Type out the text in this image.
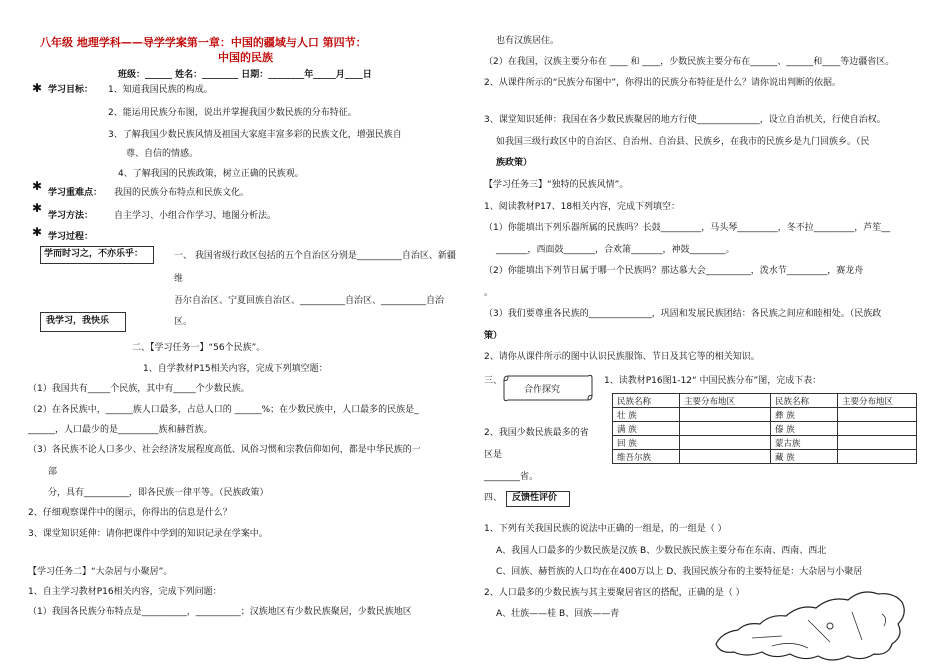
八年级 地理学科——导学学案第一章：中国的疆域与人口 第四节：
中国的民族
班级：______ 姓名：________ 日期：________年_____月____日
✱ 学习目标： 1、知道我国民族的构成。
2、能运用民族分布图，说出并掌握我国少数民族的分布特征。
3、了解我国少数民族风情及祖国大家庭丰富多彩的民族文化，增强民族自
尊、自信的情感。
4、了解我国的民族政策，树立正确的民族观。
✱ 学习重难点： 我国的民族分布特点和民族文化。
✱
学习方法： 自主学习、小组合作学习、地图分析法。
✱ 学习过程：
学而时习之，不亦乐乎：	一、 我国省级行政区包括的五个自治区分别是__________自治区、新疆
维
吾尔自治区、宁夏回族自治区、__________自治区、__________自治
区。
我学习，我快乐
二、【学习任务一】“56个民族”。
1、自学教材P15相关内容，完成下列填空题：
（1）我国共有_____个民族，其中有_____个少数民族。
（2）在各民族中，______族人口最多，占总人口的 ______%；在少数民族中，人口最多的民族是_
______，人口最少的是_________族和赫哲族。
（3）各民族不论人口多少、社会经济发展程度高低、风俗习惯和宗教信仰如何，都是中华民族的一
部
分，具有__________，即各民族一律平等。（民族政策）
2、仔细观察课件中的图示，你得出的信息是什么？
3、课堂知识延伸：请你把课件中学到的知识记录在学案中。
【学习任务二】“大杂居与小聚居”。
1、自主学习教材P16相关内容，完成下列问题：
（1）我国各民族分布特点是__________，__________；汉族地区有少数民族聚居，少数民族地区
也有汉族居住。
（2）在我国，汉族主要分布在 ____ 和 ____，少数民族主要分布在______、______和____等边疆省区。
2、从课件所示的“民族分布图中”，你得出的民族分布特征是什么？请你说出判断的依据。
3、课堂知识延伸：我国在各少数民族聚居的地方行使______________，设立自治机关，行使自治权。
如我国三级行政区中的自治区、自治州、自治县、民族乡，在我市的民族乡是九门回族乡。（民
族政策）
【学习任务三】“独特的民族风情”。
1、阅读教材P17、18相关内容，完成下列填空：
（1）你能填出下列乐器所属的民族吗？长鼓_________，马头琴_________，冬不拉_________，芦笙__
_______，西面鼓_______，合欢箫_______，神鼓________。
（2）你能填出下列节日属于哪一个民族吗？那达慕大会__________，泼水节_________，赛龙舟
。
（3）我们要尊重各民族的______________，巩固和发展民族团结：各民族之间应和睦相处。（民族政
策）
2、请你从课件所示的图中认识民族服饰、节日及其它等的相关知识。
三、
合作探究
1、读教材P16图1-12“ 中国民族分布”图，完成下表：
2、我国少数民族最多的省
区是
________省。
民族名称	主要分布地区	民族名称	主要分布地区
壮 族		彝 族	
满 族		傣 族	
回 族		蒙古族	
维吾尔族		藏 族	
四、 反馈性评价
1、下列有关我国民族的说法中正确的一组是，的一组是（ ）
A、我国人口最多的少数民族是汉族 B、少数民族民族主要分布在东南、西南、西北
C、回族、赫哲族的人口均在在400万以上 D、我国民族分布的主要特征是：大杂居与小聚居
2、人口最多的少数民族与其主要聚居省区的搭配，正确的是（ ）
A、壮族——桂 B、回族——青
